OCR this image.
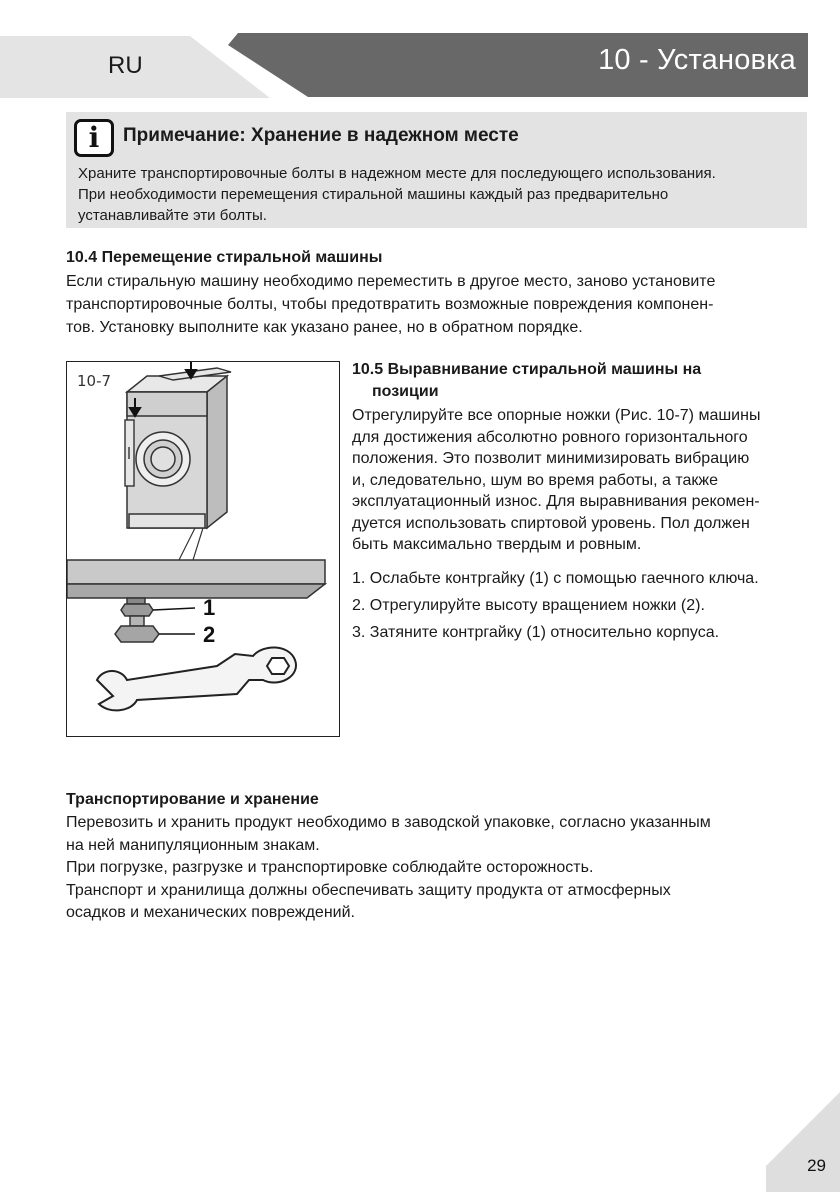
RU	10 - Установка
i	Примечание: Хранение в надежном месте
Храните транспортировочные болты в надежном месте для последующего использования.
При необходимости перемещения стиральной машины каждый раз предварительно
устанавливайте эти болты.
10.4 Перемещение стиральной машины
Если стиральную машину необходимо переместить в другое место, заново установите
транспортировочные болты, чтобы предотвратить возможные повреждения компонен-
тов. Установку выполните как указано ранее, но в обратном порядке.
10-7
1
2
10.5 Выравнивание стиральной машины на
позиции
Отрегулируйте все опорные ножки (Рис. 10-7) машины
для достижения абсолютно ровного горизонтального
положения. Это позволит минимизировать вибрацию
и, следовательно, шум во время работы, а также
эксплуатационный износ. Для выравнивания рекомен-
дуется использовать спиртовой уровень. Пол должен
быть максимально твердым и ровным.
1. Ослабьте контргайку (1) с помощью гаечного ключа.
2. Отрегулируйте высоту вращением ножки (2).
3. Затяните контргайку (1) относительно корпуса.
Транспортирование и хранение
Перевозить и хранить продукт необходимо в заводской упаковке, согласно указанным
на ней манипуляционным знакам.
При погрузке, разгрузке и транспортировке соблюдайте осторожность.
Транспорт и хранилища должны обеспечивать защиту продукта от атмосферных
осадков и механических повреждений.
29
